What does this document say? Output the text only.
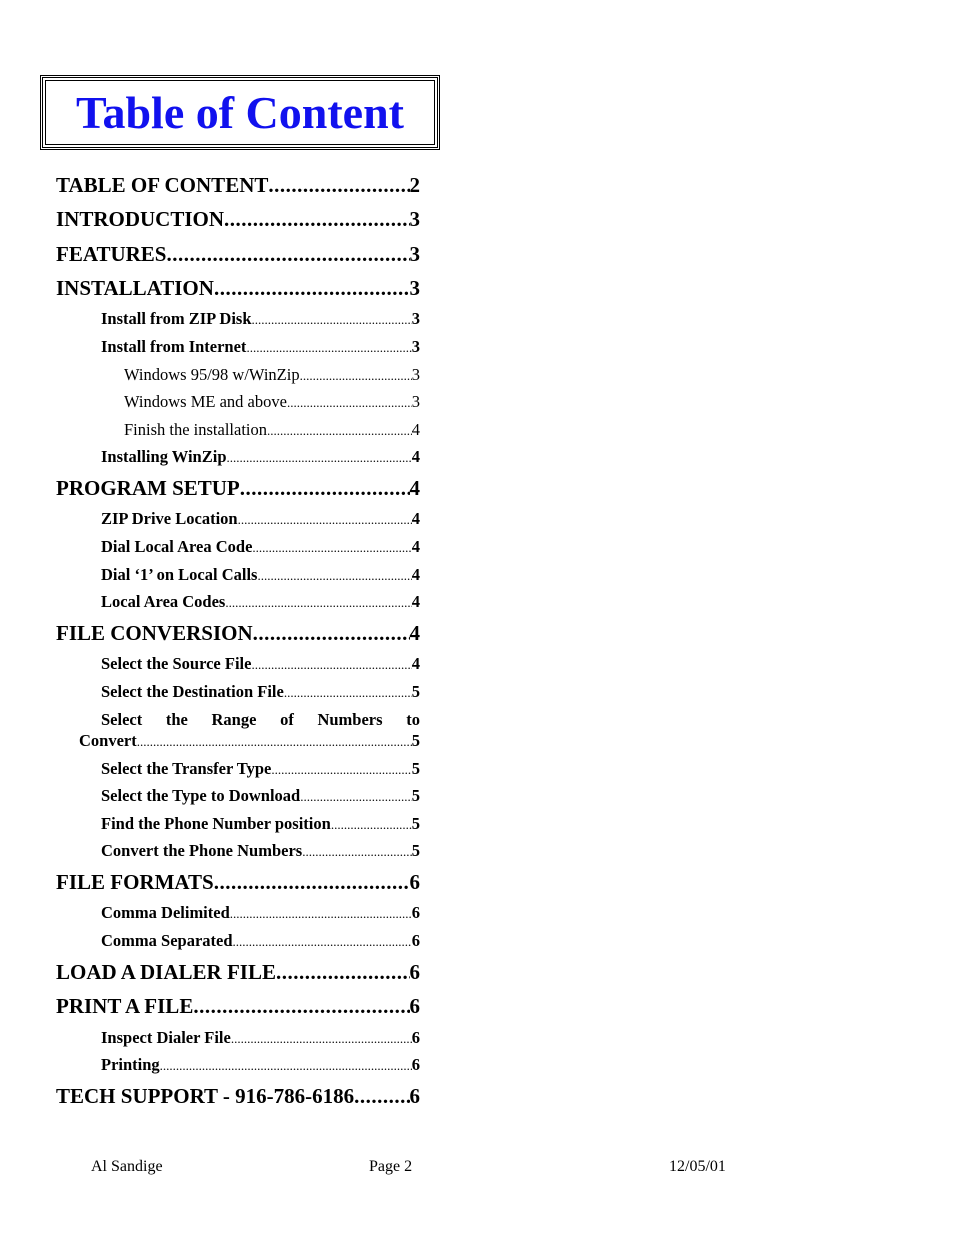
Table of Content
TABLE OF CONTENT .....	2
INTRODUCTION .....	3
FEATURES .....	3
INSTALLATION .....	3
Install from ZIP Disk .....	3
Install from Internet .....	3
Windows 95/98 w/WinZip .....	3
Windows ME and above .....	3
Finish the installation .....	4
Installing WinZip .....	4
PROGRAM SETUP .....	4
ZIP Drive Location .....	4
Dial Local Area Code .....	4
Dial ‘1’ on Local Calls .....	4
Local Area Codes .....	4
FILE CONVERSION .....	4
Select the Source File .....	4
Select the Destination File .....	5
Select the Range of Numbers to
Convert .....	5
Select the Transfer Type .....	5
Select the Type to Download .....	5
Find the Phone Number position .....	5
Convert the Phone Numbers .....	5
FILE FORMATS .....	6
Comma Delimited .....	6
Comma Separated .....	6
LOAD A DIALER FILE .....	6
PRINT A FILE .....	6
Inspect Dialer File .....	6
Printing .....	6
TECH SUPPORT - 916-786-6186 .....	6
Al Sandige	Page 2	12/05/01
